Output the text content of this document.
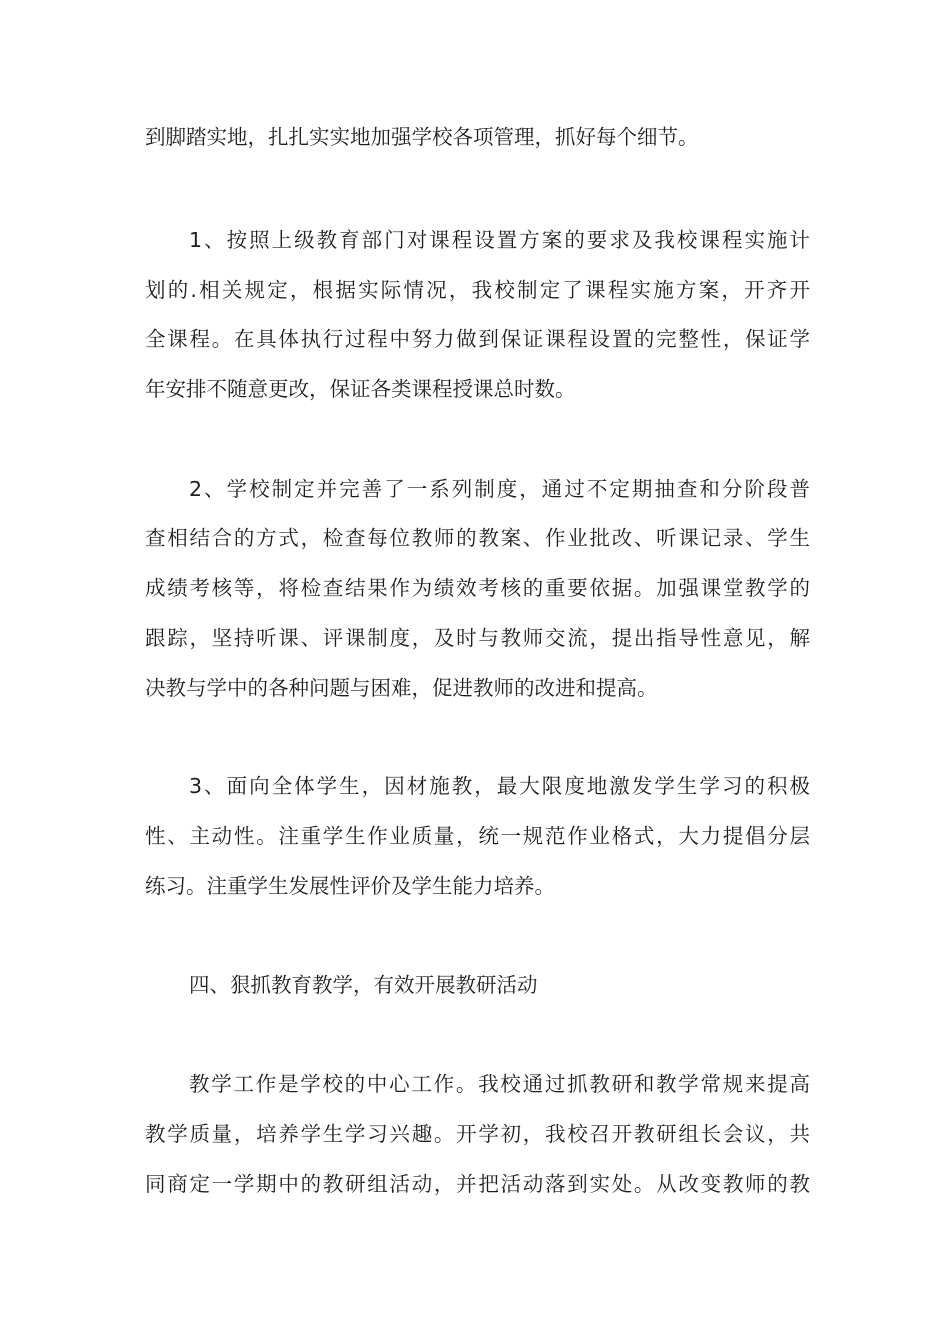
到脚踏实地，扎扎实实地加强学校各项管理，抓好每个细节。
1、按照上级教育部门对课程设置方案的要求及我校课程实施计
划的.相关规定，根据实际情况，我校制定了课程实施方案，开齐开
全课程。在具体执行过程中努力做到保证课程设置的完整性，保证学
年安排不随意更改，保证各类课程授课总时数。
2、学校制定并完善了一系列制度，通过不定期抽查和分阶段普
查相结合的方式，检查每位教师的教案、作业批改、听课记录、学生
成绩考核等，将检查结果作为绩效考核的重要依据。加强课堂教学的
跟踪，坚持听课、评课制度，及时与教师交流，提出指导性意见，解
决教与学中的各种问题与困难，促进教师的改进和提高。
3、面向全体学生，因材施教，最大限度地激发学生学习的积极
性、主动性。注重学生作业质量，统一规范作业格式，大力提倡分层
练习。注重学生发展性评价及学生能力培养。
四、狠抓教育教学，有效开展教研活动
教学工作是学校的中心工作。我校通过抓教研和教学常规来提高
教学质量，培养学生学习兴趣。开学初，我校召开教研组长会议，共
同商定一学期中的教研组活动，并把活动落到实处。从改变教师的教
